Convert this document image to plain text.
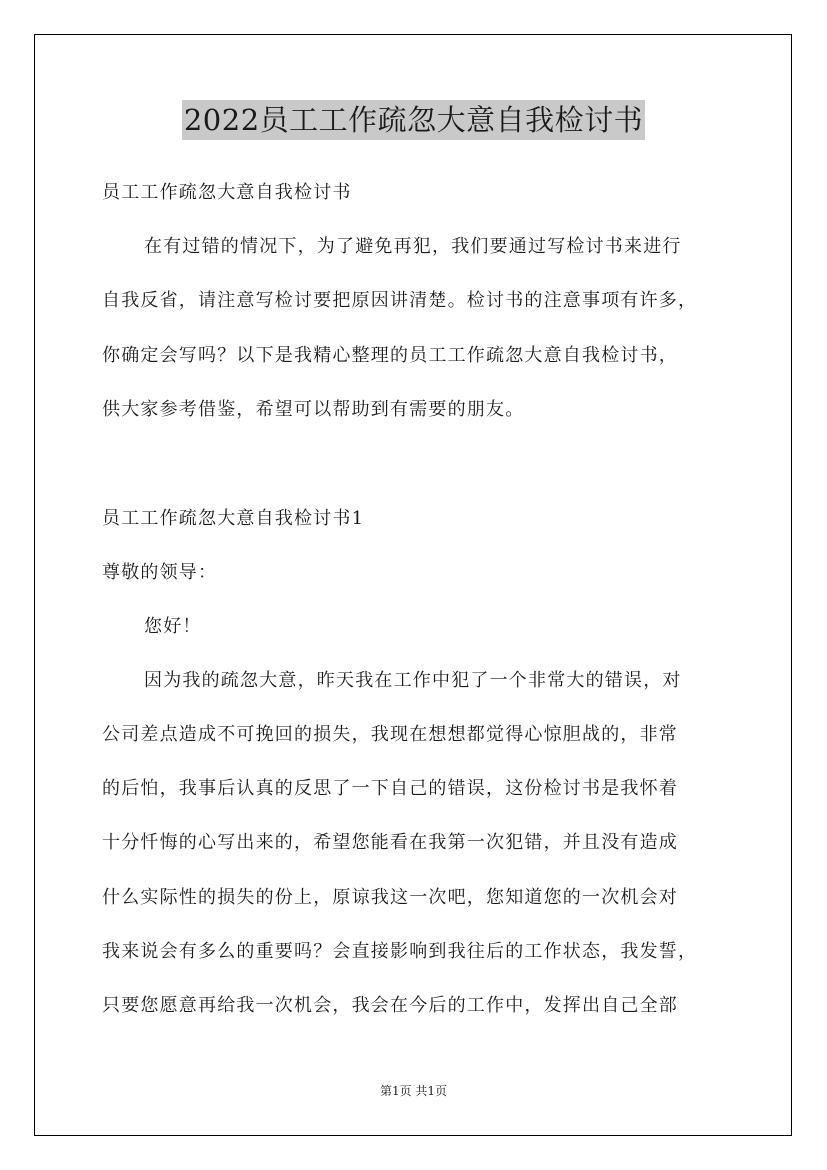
2022员工工作疏忽大意自我检讨书
员工工作疏忽大意自我检讨书
在有过错的情况下，为了避免再犯，我们要通过写检讨书来进行
自我反省，请注意写检讨要把原因讲清楚。检讨书的注意事项有许多，
你确定会写吗？以下是我精心整理的员工工作疏忽大意自我检讨书，
供大家参考借鉴，希望可以帮助到有需要的朋友。
员工工作疏忽大意自我检讨书1
尊敬的领导：
您好！
因为我的疏忽大意，昨天我在工作中犯了一个非常大的错误，对
公司差点造成不可挽回的损失，我现在想想都觉得心惊胆战的，非常
的后怕，我事后认真的反思了一下自己的错误，这份检讨书是我怀着
十分忏悔的心写出来的，希望您能看在我第一次犯错，并且没有造成
什么实际性的损失的份上，原谅我这一次吧，您知道您的一次机会对
我来说会有多么的重要吗？会直接影响到我往后的工作状态，我发誓，
只要您愿意再给我一次机会，我会在今后的工作中，发挥出自己全部
第1页 共1页
